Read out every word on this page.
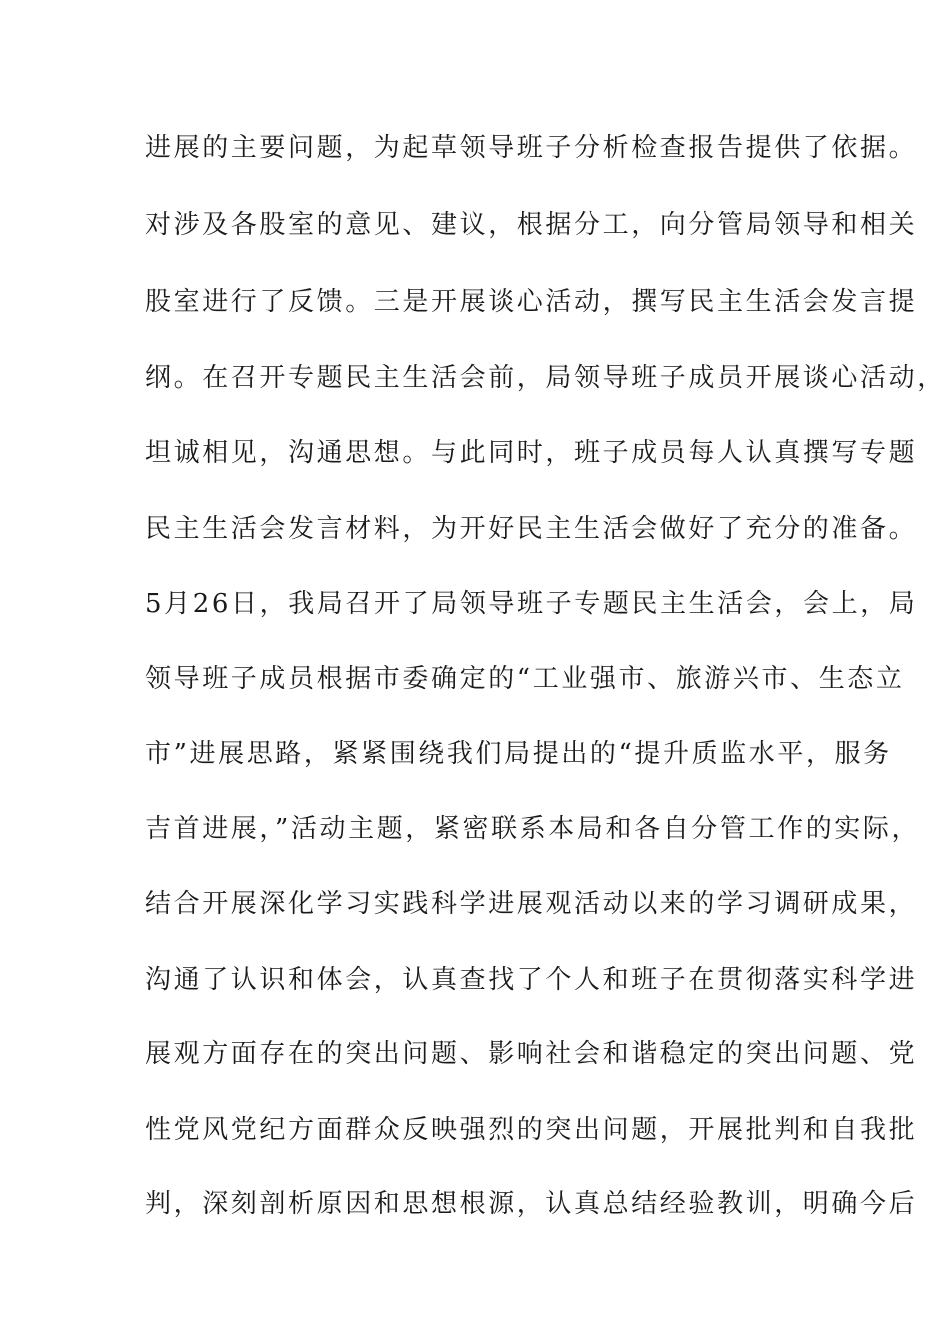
进展的主要问题，为起草领导班子分析检查报告提供了依据。
对涉及各股室的意见、建议，根据分工，向分管局领导和相关
股室进行了反馈。三是开展谈心活动，撰写民主生活会发言提
纲。在召开专题民主生活会前，局领导班子成员开展谈心活动，
坦诚相见，沟通思想。与此同时，班子成员每人认真撰写专题
民主生活会发言材料，为开好民主生活会做好了充分的准备。
5月26日，我局召开了局领导班子专题民主生活会，会上，局
领导班子成员根据市委确定的“工业强市、旅游兴市、生态立
市”进展思路，紧紧围绕我们局提出的“提升质监水平，服务
吉首进展，”活动主题，紧密联系本局和各自分管工作的实际，
结合开展深化学习实践科学进展观活动以来的学习调研成果，
沟通了认识和体会，认真查找了个人和班子在贯彻落实科学进
展观方面存在的突出问题、影响社会和谐稳定的突出问题、党
性党风党纪方面群众反映强烈的突出问题，开展批判和自我批
判，深刻剖析原因和思想根源，认真总结经验教训，明确今后
